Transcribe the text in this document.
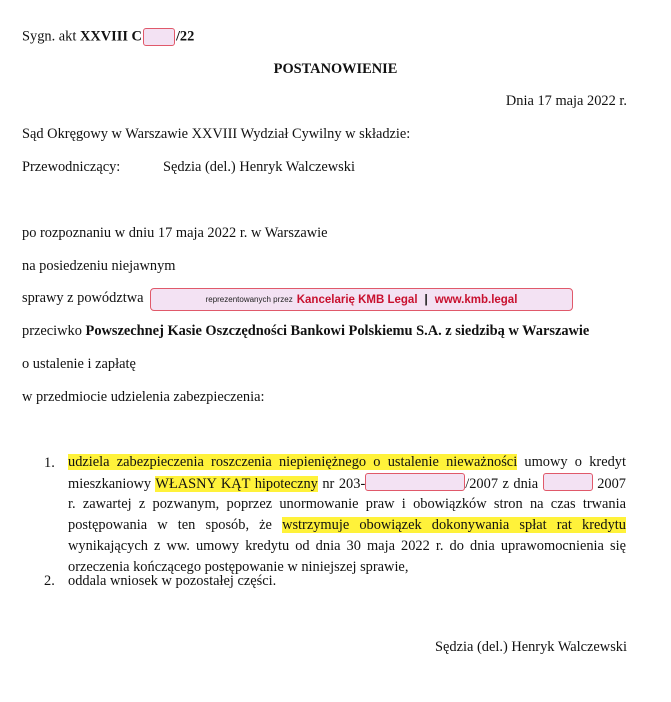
Sygn. akt XXVIII C /22
POSTANOWIENIE
Dnia 17 maja 2022 r.
Sąd Okręgowy w Warszawie XXVIII Wydział Cywilny w składzie:
Przewodniczący:	Sędzia (del.) Henryk Walczewski
po rozpoznaniu w dniu 17 maja 2022 r. w Warszawie
na posiedzeniu niejawnym
sprawy z powództwa	reprezentowanych przez Kancelarię KMB Legal | www.kmb.legal
przeciwko Powszechnej Kasie Oszczędności Bankowi Polskiemu S.A. z siedzibą w Warszawie
o ustalenie i zapłatę
w przedmiocie udzielenia zabezpieczenia:
1. udziela zabezpieczenia roszczenia niepieniężnego o ustalenie nieważności umowy o kredyt
mieszkaniowy WŁASNY KĄT hipoteczny nr 203-	/2007 z dnia	2007
r. zawartej z pozwanym, poprzez unormowanie praw i obowiązków stron na czas trwania
postępowania w ten sposób, że wstrzymuje obowiązek dokonywania spłat rat kredytu
wynikających z ww. umowy kredytu od dnia 30 maja 2022 r. do dnia uprawomocnienia się
orzeczenia kończącego postępowanie w niniejszej sprawie,
2. oddala wniosek w pozostałej części.
Sędzia (del.) Henryk Walczewski
